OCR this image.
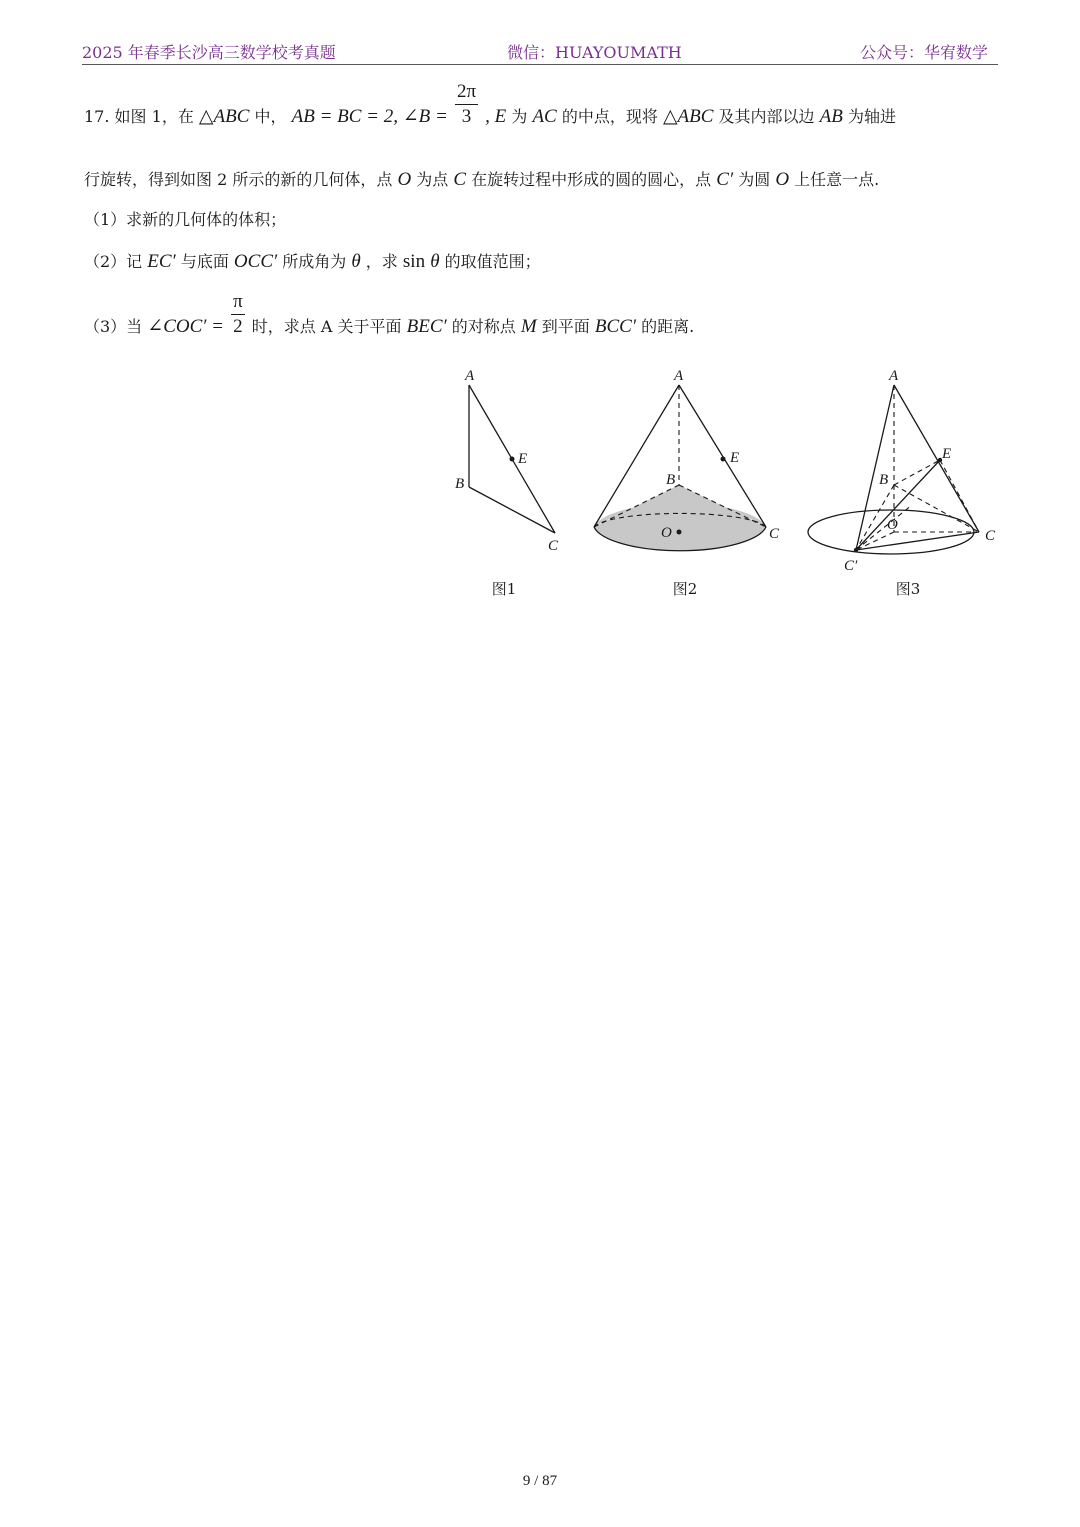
2025 年春季长沙高三数学校考真题	微信：HUAYOUMATH	公众号：华宥数学
17. 如图 1，在 △ABC 中， AB = BC = 2, ∠B = $\frac{2\pi}{3}$ , E 为 AC 的中点，现将 △ABC 及其内部以边 AB 为轴进
行旋转，得到如图 2 所示的新的几何体，点 O 为点 C 在旋转过程中形成的圆的圆心，点 C′ 为圆 O 上任意一点.
（1）求新的几何体的体积；
（2）记 EC′ 与底面 OCC′ 所成角为 θ ，求 sin θ 的取值范围；
（3）当 ∠COC′ = $\frac{\pi}{2}$ 时，求点 A 关于平面 BEC′ 的对称点 M 到平面 BCC′ 的距离.
A
B
C
E
图1
A
B
C
E
O
图2
A
B
C
E
O
C′
图3
9 / 87
